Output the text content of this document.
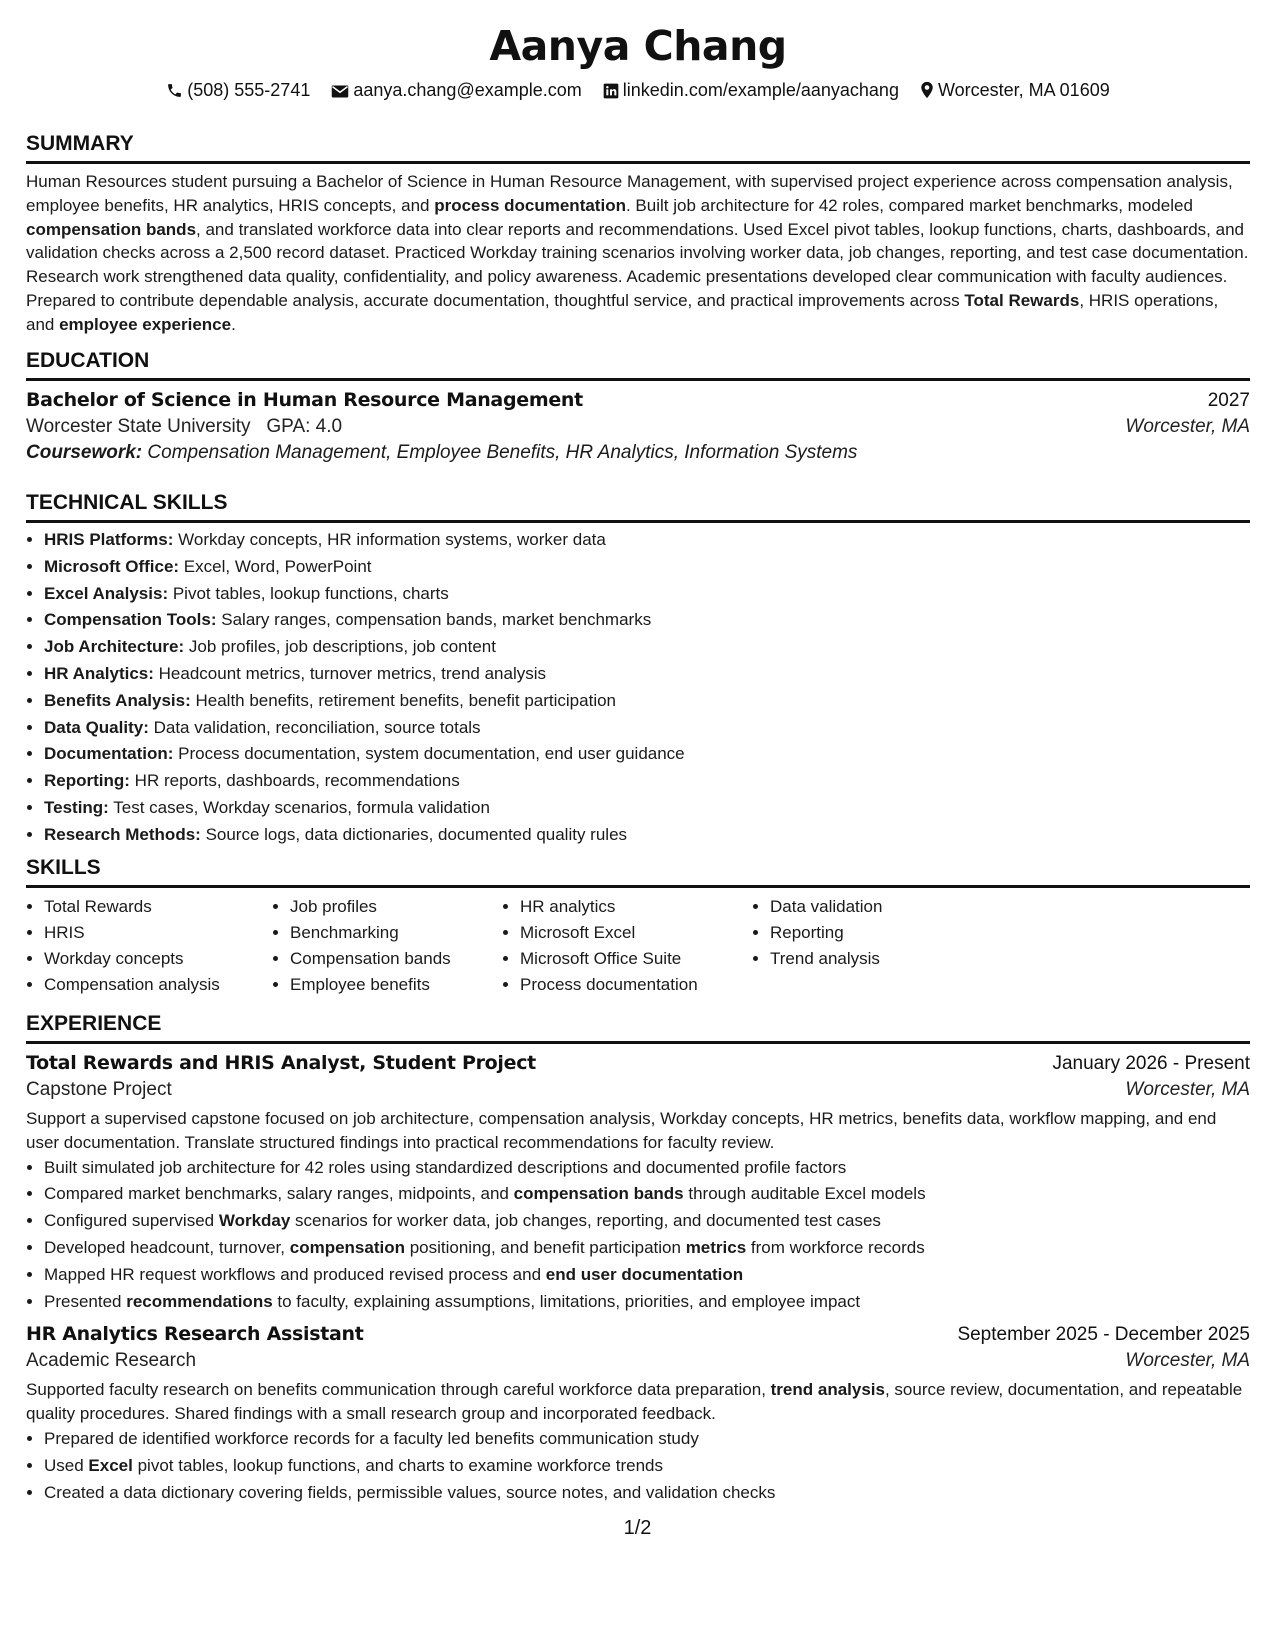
Aanya Chang
(508) 555-2741 aanya.chang@example.com linkedin.com/example/aanyachang Worcester, MA 01609
SUMMARY
Human Resources student pursuing a Bachelor of Science in Human Resource Management, with supervised project experience across compensation analysis, employee benefits, HR analytics, HRIS concepts, and process documentation. Built job architecture for 42 roles, compared market benchmarks, modeled compensation bands, and translated workforce data into clear reports and recommendations. Used Excel pivot tables, lookup functions, charts, dashboards, and validation checks across a 2,500 record dataset. Practiced Workday training scenarios involving worker data, job changes, reporting, and test case documentation. Research work strengthened data quality, confidentiality, and policy awareness. Academic presentations developed clear communication with faculty audiences. Prepared to contribute dependable analysis, accurate documentation, thoughtful service, and practical improvements across Total Rewards, HRIS operations, and employee experience.
EDUCATION
Bachelor of Science in Human Resource Management	2027
Worcester State University GPA: 4.0	Worcester, MA
Coursework: Compensation Management, Employee Benefits, HR Analytics, Information Systems
TECHNICAL SKILLS
• HRIS Platforms: Workday concepts, HR information systems, worker data
• Microsoft Office: Excel, Word, PowerPoint
• Excel Analysis: Pivot tables, lookup functions, charts
• Compensation Tools: Salary ranges, compensation bands, market benchmarks
• Job Architecture: Job profiles, job descriptions, job content
• HR Analytics: Headcount metrics, turnover metrics, trend analysis
• Benefits Analysis: Health benefits, retirement benefits, benefit participation
• Data Quality: Data validation, reconciliation, source totals
• Documentation: Process documentation, system documentation, end user guidance
• Reporting: HR reports, dashboards, recommendations
• Testing: Test cases, Workday scenarios, formula validation
• Research Methods: Source logs, data dictionaries, documented quality rules
SKILLS
• Total Rewards
• HRIS
• Workday concepts
• Compensation analysis
• Job profiles
• Benchmarking
• Compensation bands
• Employee benefits
• HR analytics
• Microsoft Excel
• Microsoft Office Suite
• Process documentation
• Data validation
• Reporting
• Trend analysis
EXPERIENCE
Total Rewards and HRIS Analyst, Student Project	January 2026 - Present
Capstone Project	Worcester, MA
Support a supervised capstone focused on job architecture, compensation analysis, Workday concepts, HR metrics, benefits data, workflow mapping, and end user documentation. Translate structured findings into practical recommendations for faculty review.
• Built simulated job architecture for 42 roles using standardized descriptions and documented profile factors
• Compared market benchmarks, salary ranges, midpoints, and compensation bands through auditable Excel models
• Configured supervised Workday scenarios for worker data, job changes, reporting, and documented test cases
• Developed headcount, turnover, compensation positioning, and benefit participation metrics from workforce records
• Mapped HR request workflows and produced revised process and end user documentation
• Presented recommendations to faculty, explaining assumptions, limitations, priorities, and employee impact
HR Analytics Research Assistant	September 2025 - December 2025
Academic Research	Worcester, MA
Supported faculty research on benefits communication through careful workforce data preparation, trend analysis, source review, documentation, and repeatable quality procedures. Shared findings with a small research group and incorporated feedback.
• Prepared de identified workforce records for a faculty led benefits communication study
• Used Excel pivot tables, lookup functions, and charts to examine workforce trends
• Created a data dictionary covering fields, permissible values, source notes, and validation checks
1/2
